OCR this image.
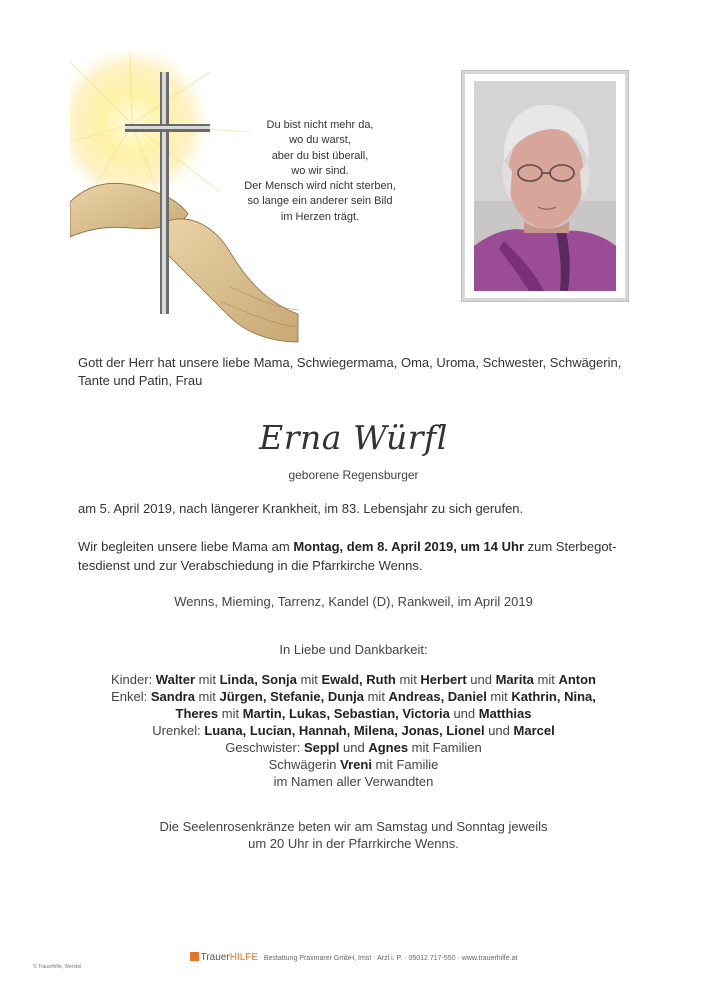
Du bist nicht mehr da,
wo du warst,
aber du bist überall,
wo wir sind.
Der Mensch wird nicht sterben,
so lange ein anderer sein Bild
im Herzen trägt.
Gott der Herr hat unsere liebe Mama, Schwiegermama, Oma, Uroma, Schwester, Schwägerin, Tante und Patin, Frau
Erna Würfl
geborene Regensburger
am 5. April 2019, nach längerer Krankheit, im 83. Lebensjahr zu sich gerufen.
Wir begleiten unsere liebe Mama am Montag, dem 8. April 2019, um 14 Uhr zum Sterbegottesdienst und zur Verabschiedung in die Pfarrkirche Wenns.
Wenns, Mieming, Tarrenz, Kandel (D), Rankweil, im April 2019
In Liebe und Dankbarkeit:
Kinder: Walter mit Linda, Sonja mit Ewald, Ruth mit Herbert und Marita mit Anton
Enkel: Sandra mit Jürgen, Stefanie, Dunja mit Andreas, Daniel mit Kathrin, Nina,
Theres mit Martin, Lukas, Sebastian, Victoria und Matthias
Urenkel: Luana, Lucian, Hannah, Milena, Jonas, Lionel und Marcel
Geschwister: Seppl und Agnes mit Familien
Schwägerin Vreni mit Familie
im Namen aller Verwandten
Die Seelenrosenkränze beten wir am Samstag und Sonntag jeweils
um 20 Uhr in der Pfarrkirche Wenns.
TrauerHILFE Bestattung Praxmarer GmbH, Imst · Arzl i. P. · 05012 717-550 · www.trauerhilfe.at
© Trauerhilfe, Wendel
